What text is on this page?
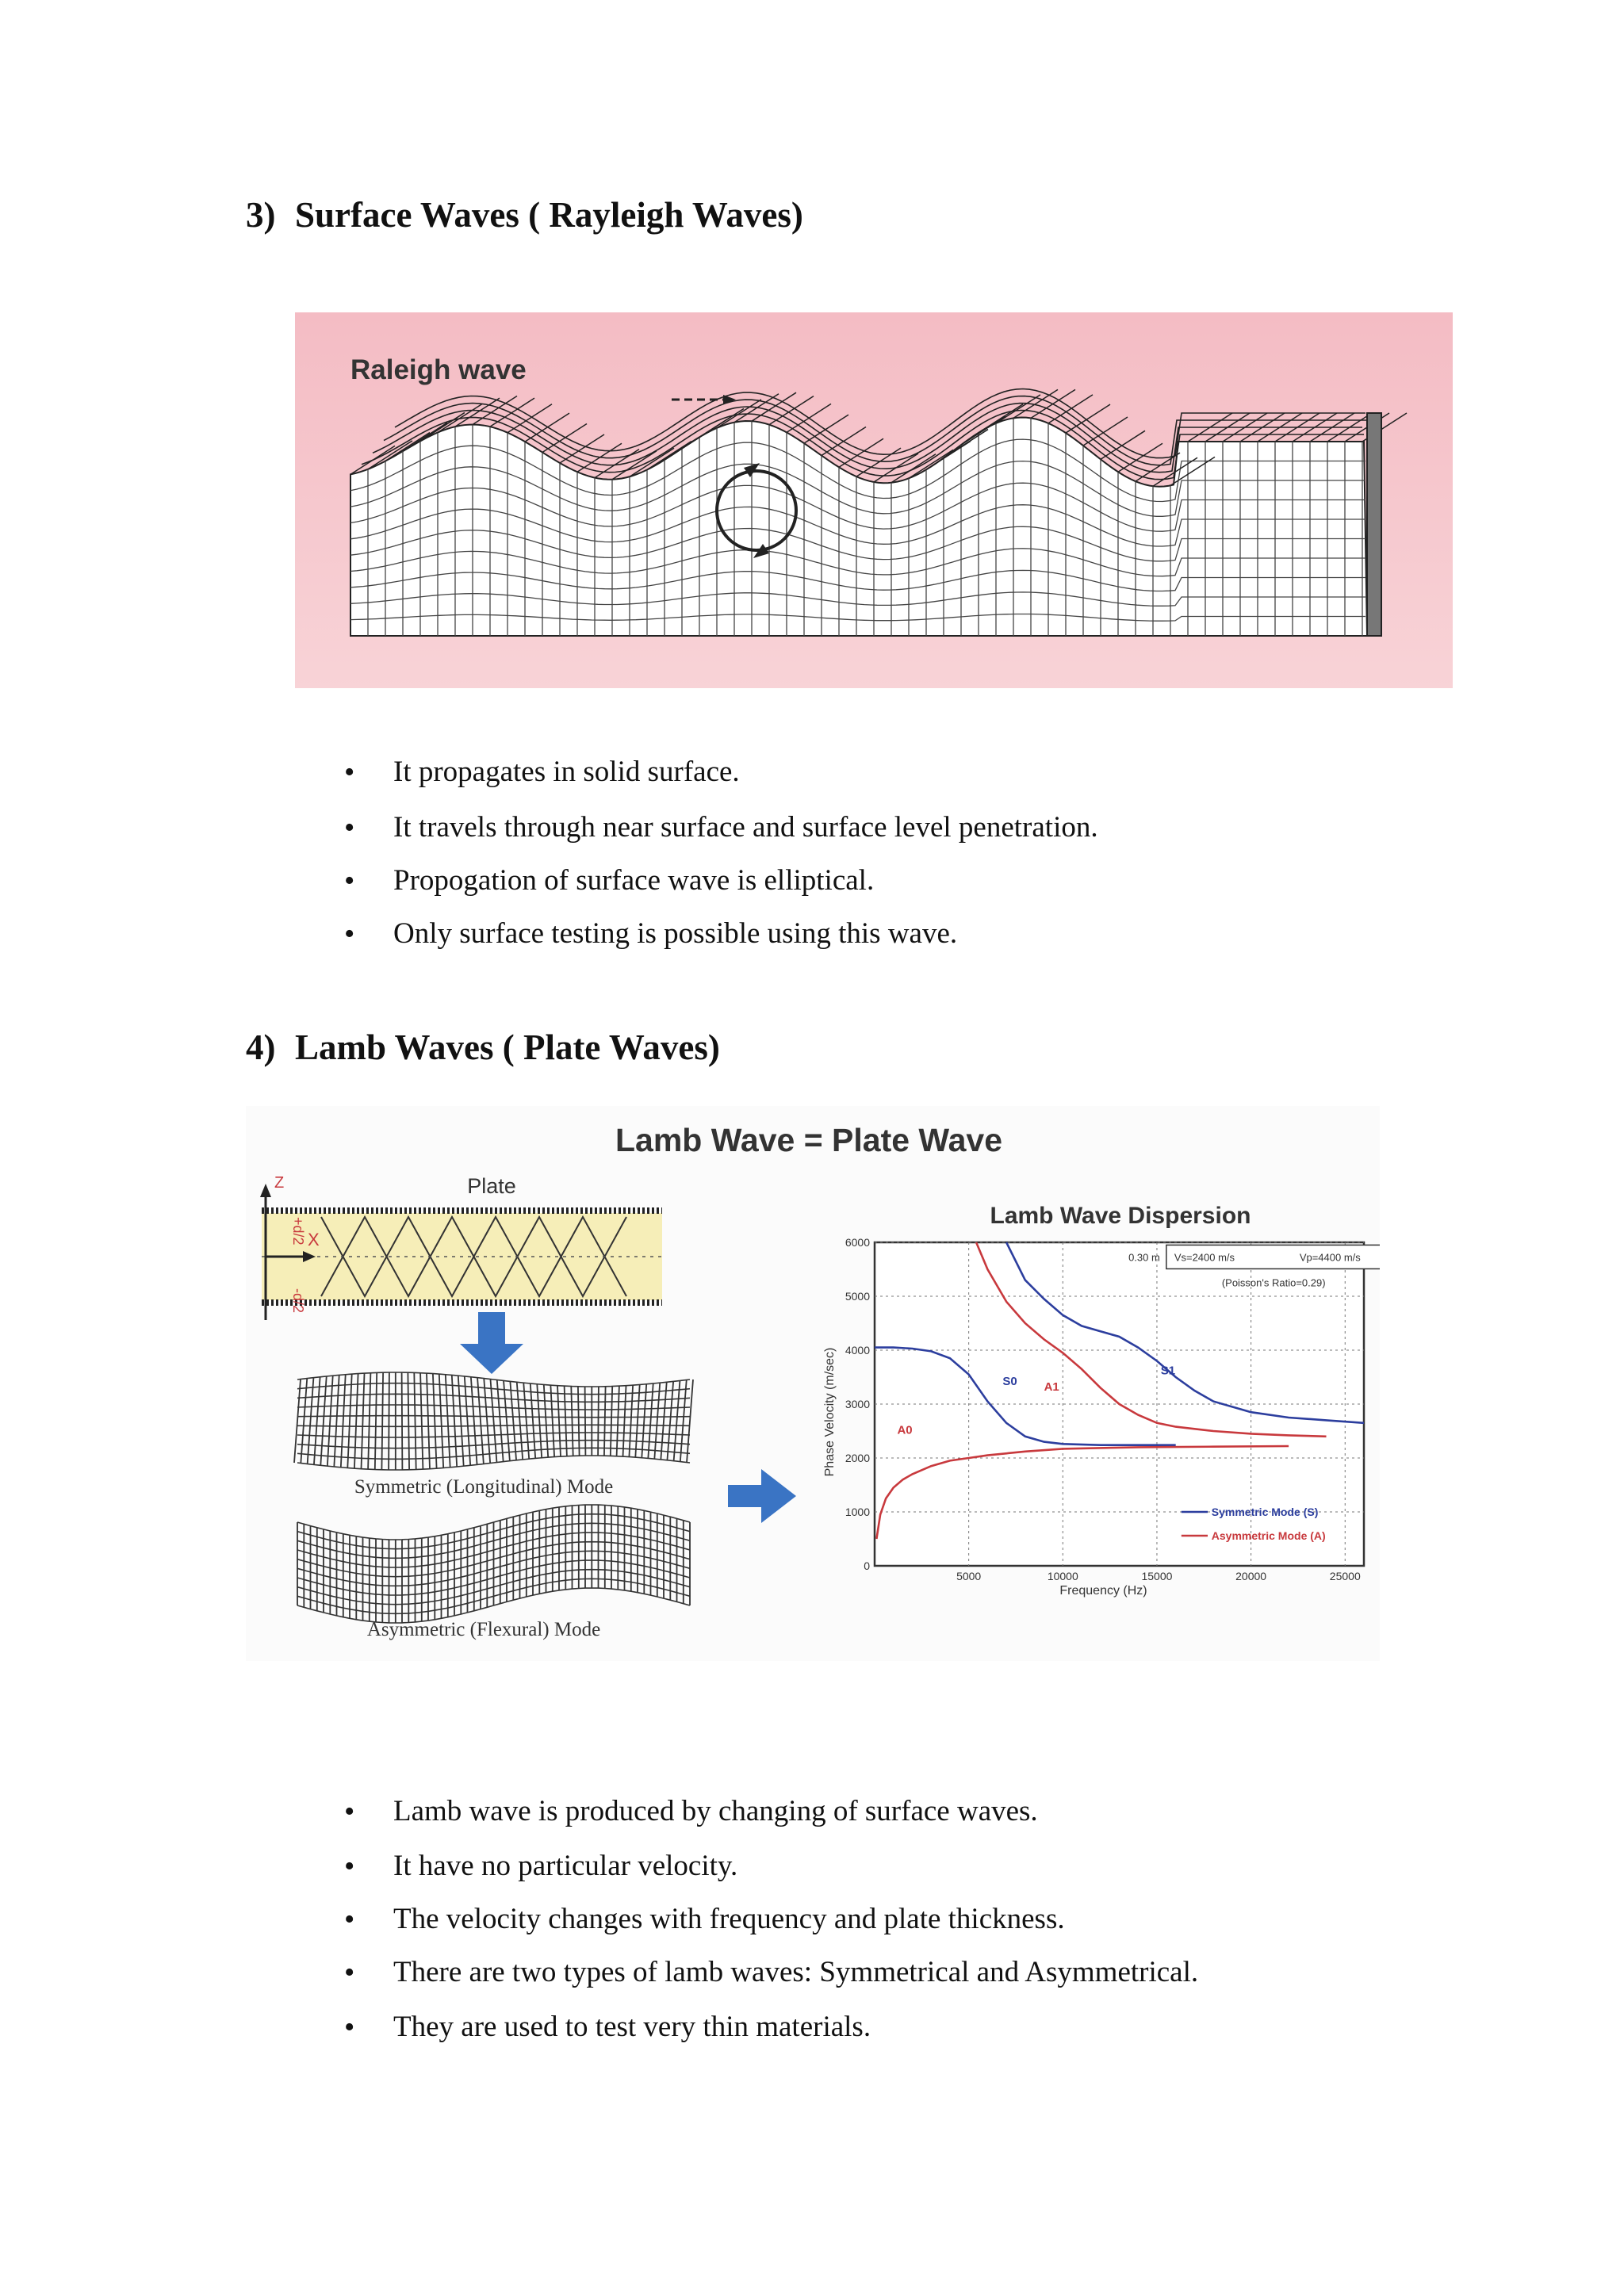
3) Surface Waves ( Rayleigh Waves)
Raleigh wave
• It propagates in solid surface.
• It travels through near surface and surface level penetration.
• Propogation of surface wave is elliptical.
• Only surface testing is possible using this wave.
4) Lamb Waves ( Plate Waves)
Lamb Wave = Plate Wave
Plate
Z
X
+d/2
-d/2
Symmetric (Longitudinal) Mode
Asymmetric (Flexural) Mode
Lamb Wave Dispersion
0
1000
2000
3000
4000
5000
6000
5000	10000	15000	20000	25000
Frequency (Hz)
Phase Velocity (m/sec)	S0
S1
A0
A1
0.30 m Vs=2400 m/s	Vp=4400 m/s
(Poisson's Ratio=0.29)
Symmetric Mode (S)
Asymmetric Mode (A)
• Lamb wave is produced by changing of surface waves.
• It have no particular velocity.
• The velocity changes with frequency and plate thickness.
• There are two types of lamb waves: Symmetrical and Asymmetrical.
• They are used to test very thin materials.
